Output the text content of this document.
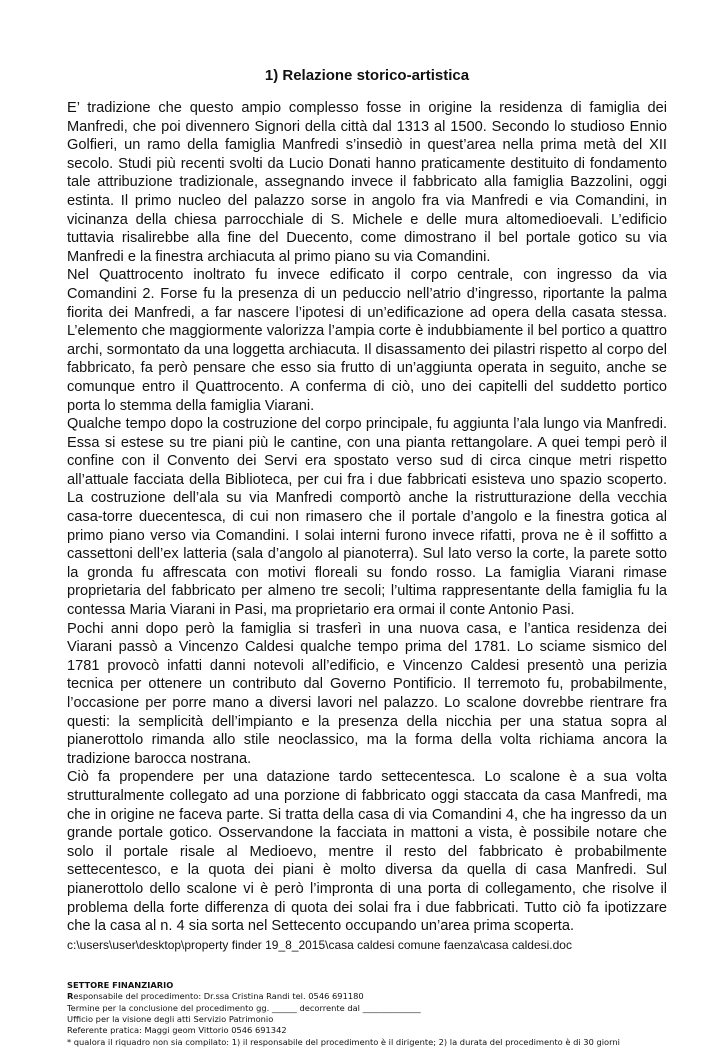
1) Relazione storico-artistica

E’ tradizione che questo ampio complesso fosse in origine la residenza di famiglia dei Manfredi, che poi divennero Signori della città dal 1313 al 1500. Secondo lo studioso Ennio Golfieri, un ramo della famiglia Manfredi s’insediò in quest’area nella prima metà del XII secolo. Studi più recenti svolti da Lucio Donati hanno praticamente destituito di fondamento tale attribuzione tradizionale, assegnando invece il fabbricato alla famiglia Bazzolini, oggi estinta. Il primo nucleo del palazzo sorse in angolo fra via Manfredi e via Comandini, in vicinanza della chiesa parrocchiale di S. Michele e delle mura altomedioevali. L’edificio tuttavia risalirebbe alla fine del Duecento, come dimostrano il bel portale gotico su via Manfredi e la finestra archiacuta al primo piano su via Comandini.

Nel Quattrocento inoltrato fu invece edificato il corpo centrale, con ingresso da via Comandini 2. Forse fu la presenza di un peduccio nell’atrio d’ingresso, riportante la palma fiorita dei Manfredi, a far nascere l’ipotesi di un’edificazione ad opera della casata stessa. L’elemento che maggiormente valorizza l’ampia corte è indubbiamente il bel portico a quattro archi, sormontato da una loggetta archiacuta. Il disassamento dei pilastri rispetto al corpo del fabbricato, fa però pensare che esso sia frutto di un’aggiunta operata in seguito, anche se comunque entro il Quattrocento. A conferma di ciò, uno dei capitelli del suddetto portico porta lo stemma della famiglia Viarani.

Qualche tempo dopo la costruzione del corpo principale, fu aggiunta l’ala lungo via Manfredi. Essa si estese su tre piani più le cantine, con una pianta rettangolare. A quei tempi però il confine con il Convento dei Servi era spostato verso sud di circa cinque metri rispetto all’attuale facciata della Biblioteca, per cui fra i due fabbricati esisteva uno spazio scoperto. La costruzione dell’ala su via Manfredi comportò anche la ristrutturazione della vecchia casa-torre duecentesca, di cui non rimasero che il portale d’angolo e la finestra gotica al primo piano verso via Comandini. I solai interni furono invece rifatti, prova ne è il soffitto a cassettoni dell’ex latteria (sala d’angolo al pianoterra). Sul lato verso la corte, la parete sotto la gronda fu affrescata con motivi floreali su fondo rosso. La famiglia Viarani rimase proprietaria del fabbricato per almeno tre secoli; l’ultima rappresentante della famiglia fu la contessa Maria Viarani in Pasi, ma proprietario era ormai il conte Antonio Pasi.

Pochi anni dopo però la famiglia si trasferì in una nuova casa, e l’antica residenza dei Viarani passò a Vincenzo Caldesi qualche tempo prima del 1781. Lo sciame sismico del 1781 provocò infatti danni notevoli all’edificio, e Vincenzo Caldesi presentò una perizia tecnica per ottenere un contributo dal Governo Pontificio. Il terremoto fu, probabilmente, l’occasione per porre mano a diversi lavori nel palazzo. Lo scalone dovrebbe rientrare fra questi: la semplicità dell’impianto e la presenza della nicchia per una statua sopra al pianerottolo rimanda allo stile neoclassico, ma la forma della volta richiama ancora la tradizione barocca nostrana.

Ciò fa propendere per una datazione tardo settecentesca. Lo scalone è a sua volta strutturalmente collegato ad una porzione di fabbricato oggi staccata da casa Manfredi, ma che in origine ne faceva parte. Si tratta della casa di via Comandini 4, che ha ingresso da un grande portale gotico. Osservandone la facciata in mattoni a vista, è possibile notare che solo il portale risale al Medioevo, mentre il resto del fabbricato è probabilmente settecentesco, e la quota dei piani è molto diversa da quella di casa Manfredi. Sul pianerottolo dello scalone vi è però l’impronta di una porta di collegamento, che risolve il problema della forte differenza di quota dei solai fra i due fabbricati. Tutto ciò fa ipotizzare che la casa al n. 4 sia sorta nel Settecento occupando un’area prima scoperta.

c:\users\user\desktop\property finder 19_8_2015\casa caldesi comune faenza\casa caldesi.doc
SETTORE FINANZIARIO
Responsabile del procedimento: Dr.ssa Cristina Randi tel. 0546 691180
Termine per la conclusione del procedimento gg. ______ decorrente dal ______________
Ufficio per la visione degli atti Servizio Patrimonio
Referente pratica: Maggi geom Vittorio 0546 691342
* qualora il riquadro non sia compilato: 1) il responsabile del procedimento è il dirigente; 2) la durata del procedimento è di 30 giorni
